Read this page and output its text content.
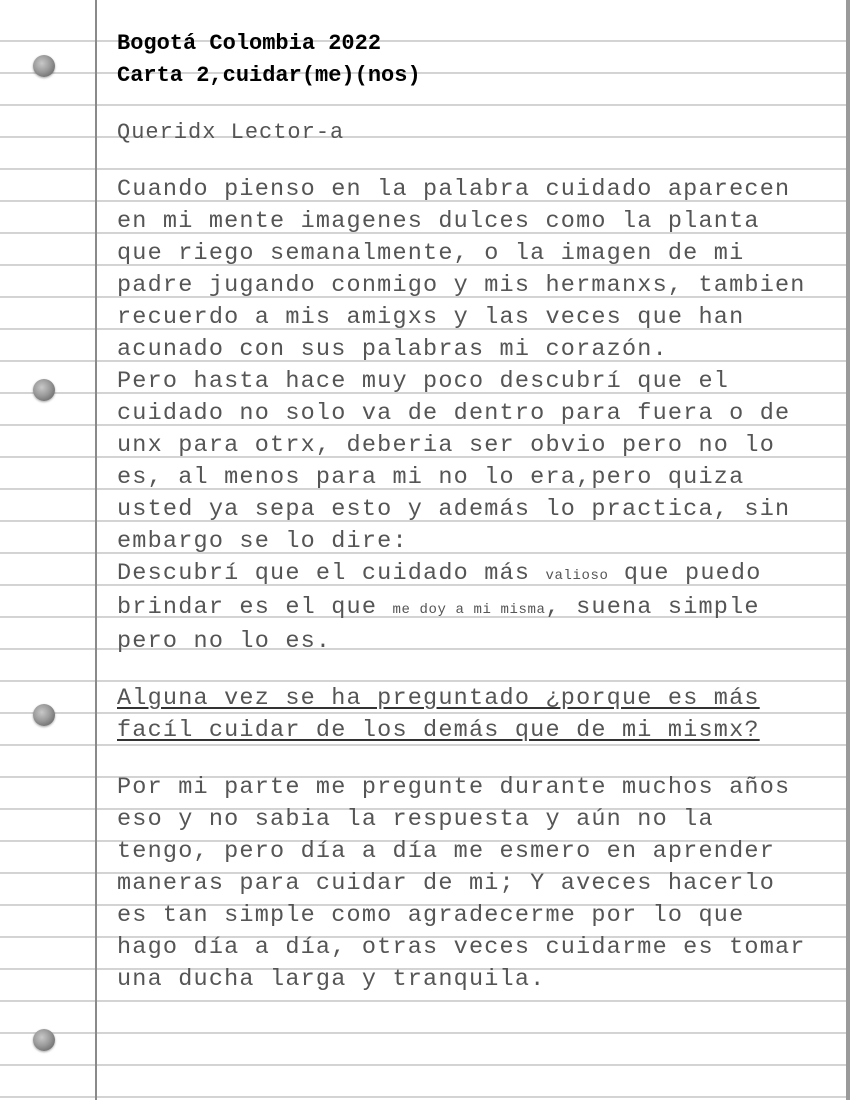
Bogotá Colombia 2022
Carta 2,cuidar(me)(nos)

Queridx Lector-a

Cuando pienso en la palabra cuidado aparecen en mi mente imagenes dulces como la planta que riego semanalmente, o la imagen de mi padre jugando conmigo y mis hermanxs, tambien recuerdo a mis amigxs y las veces que han acunado con sus palabras mi corazón.
Pero hasta hace muy poco descubrí que el cuidado no solo va de dentro para fuera o de unx para otrx, deberia ser obvio pero no lo es, al menos para mi no lo era,pero quiza usted ya sepa esto y además lo practica, sin embargo se lo dire:
Descubrí que el cuidado más valioso que puedo brindar es el que me doy a mi misma, suena simple pero no lo es.

Alguna vez se ha preguntado ¿porque es más facíl cuidar de los demás que de mi mismx?

Por mi parte me pregunte durante muchos años eso y no sabia la respuesta y aún no la tengo, pero día a día me esmero en aprender maneras para cuidar de mi; Y aveces hacerlo es tan simple como agradecerme por lo que hago día a día, otras veces cuidarme es tomar una ducha larga y tranquila.
